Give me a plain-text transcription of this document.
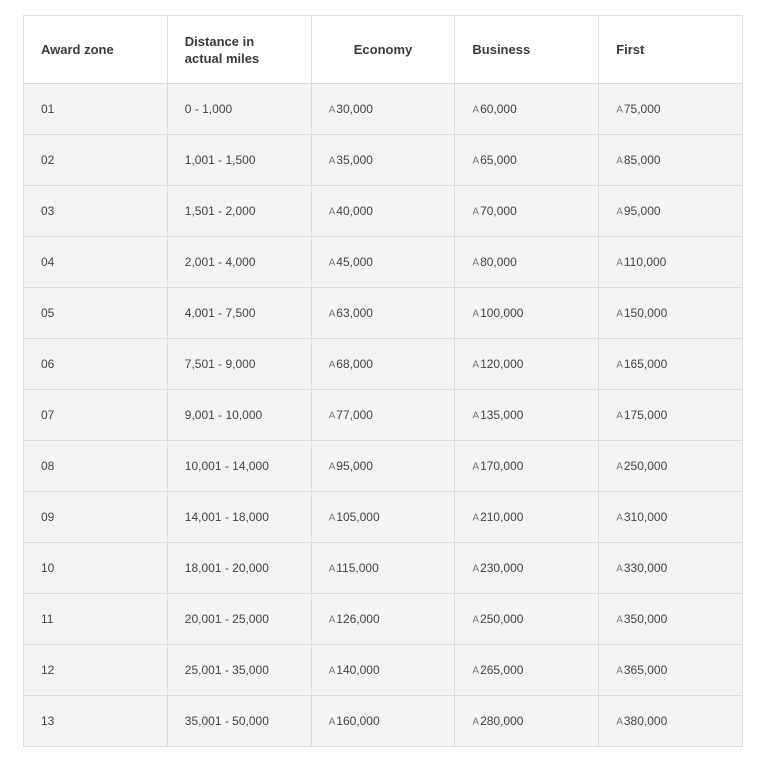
Award zone	Distance in actual miles	Economy	Business	First
01	0 - 1,000	A30,000	A60,000	A75,000
02	1,001 - 1,500	A35,000	A65,000	A85,000
03	1,501 - 2,000	A40,000	A70,000	A95,000
04	2,001 - 4,000	A45,000	A80,000	A110,000
05	4,001 - 7,500	A63,000	A100,000	A150,000
06	7,501 - 9,000	A68,000	A120,000	A165,000
07	9,001 - 10,000	A77,000	A135,000	A175,000
08	10,001 - 14,000	A95,000	A170,000	A250,000
09	14,001 - 18,000	A105,000	A210,000	A310,000
10	18,001 - 20,000	A115,000	A230,000	A330,000
11	20,001 - 25,000	A126,000	A250,000	A350,000
12	25,001 - 35,000	A140,000	A265,000	A365,000
13	35,001 - 50,000	A160,000	A280,000	A380,000
